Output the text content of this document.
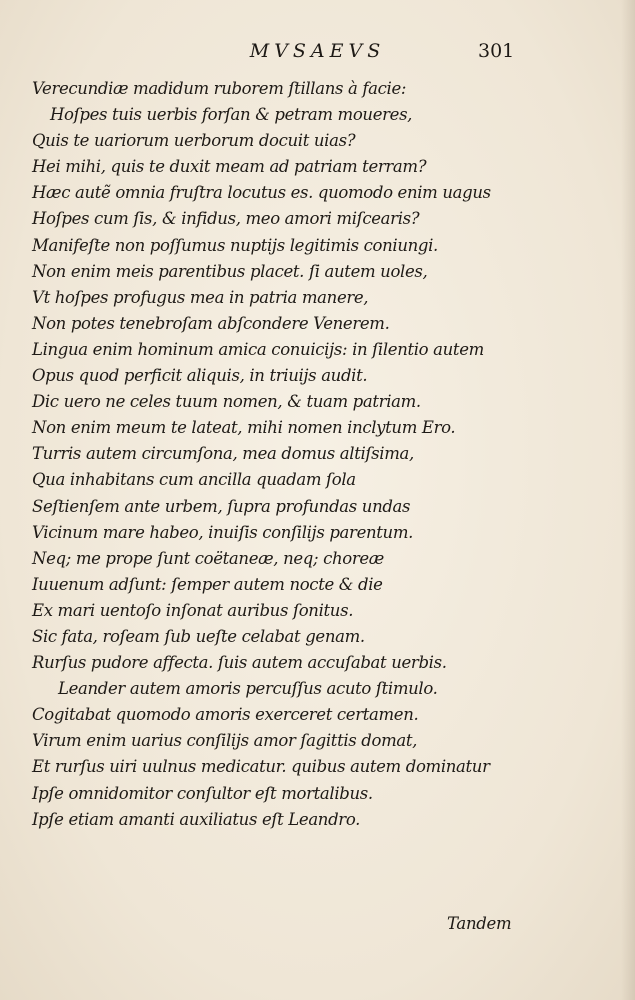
MVSAEVS	301
Verecundiæ madidum ruborem ſtillans à facie:
Hoſpes tuis uerbis forſan & petram moueres,
Quis te uariorum uerborum docuit uias?
Hei mihi, quis te duxit meam ad patriam terram?
Hæc autẽ omnia fruſtra locutus es. quomodo enim uagus
Hoſpes cum ſis, & infidus, meo amori miſcearis?
Manifeſte non poſſumus nuptijs legitimis coniungi.
Non enim meis parentibus placet. ſi autem uoles,
Vt hoſpes profugus mea in patria manere,
Non potes tenebroſam abſcondere Venerem.
Lingua enim hominum amica conuicijs: in ſilentio autem
Opus quod perficit aliquis, in triuijs audit.
Dic uero ne celes tuum nomen, & tuam patriam.
Non enim meum te lateat, mihi nomen inclytum Ero.
Turris autem circumſona, mea domus altiſsima,
Qua inhabitans cum ancilla quadam ſola
Seſtienſem ante urbem, ſupra profundas undas
Vicinum mare habeo, inuiſis conſilijs parentum.
Neq; me prope ſunt coëtaneæ, neq; choreæ
Iuuenum adſunt: ſemper autem nocte & die
Ex mari uentoſo inſonat auribus ſonitus.
Sic fata, roſeam ſub ueſte celabat genam.
Rurſus pudore affecta. ſuis autem accuſabat uerbis.
Leander autem amoris percuſſus acuto ſtimulo.
Cogitabat quomodo amoris exerceret certamen.
Virum enim uarius conſilijs amor ſagittis domat,
Et rurſus uiri uulnus medicatur. quibus autem dominatur
Ipſe omnidomitor conſultor eſt mortalibus.
Ipſe etiam amanti auxiliatus eſt Leandro.
Tandem
